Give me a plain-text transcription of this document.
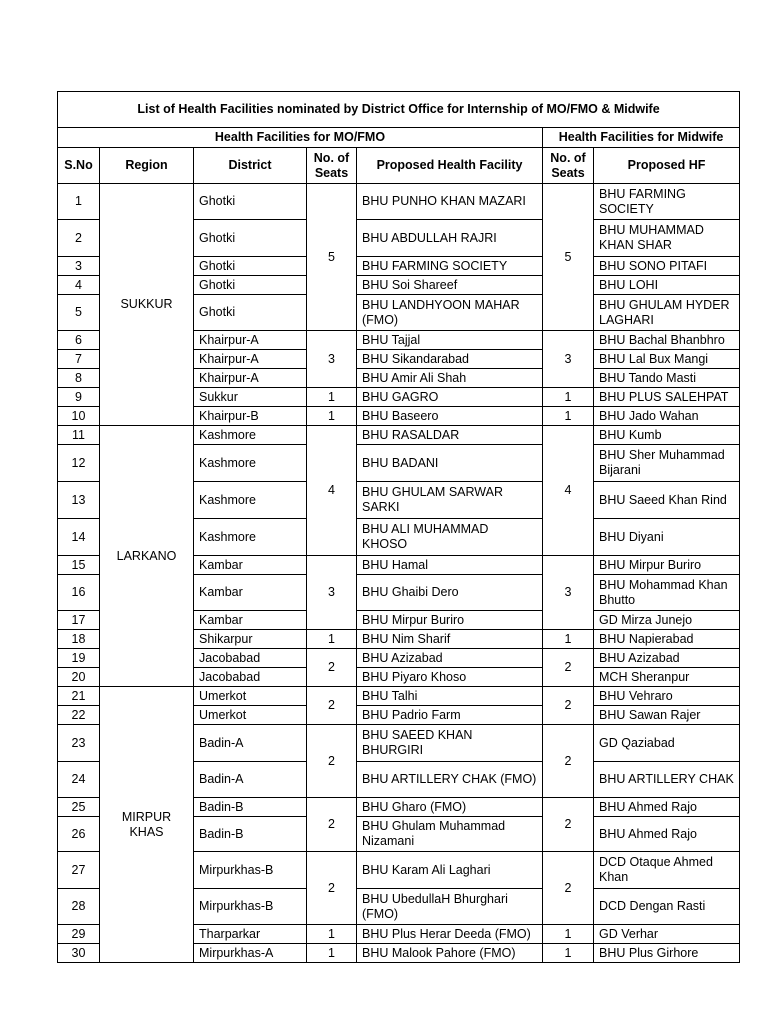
List of Health Facilities nominated by District Office for Internship of MO/FMO & Midwife						
Health Facilities for MO/FMO					Health Facilities for Midwife	
S.No	Region	District	No. of Seats	Proposed Health Facility	No. of Seats	Proposed HF
1	SUKKUR	Ghotki	5	BHU PUNHO KHAN MAZARI	5	BHU FARMING SOCIETY
2		Ghotki		BHU ABDULLAH RAJRI		BHU MUHAMMAD KHAN SHAR
3		Ghotki		BHU FARMING SOCIETY		BHU SONO PITAFI
4		Ghotki		BHU Soi Shareef		BHU LOHI
5		Ghotki		BHU LANDHYOON MAHAR (FMO)		BHU GHULAM HYDER LAGHARI
6		Khairpur-A	3	BHU Tajjal	3	BHU Bachal Bhanbhro
7		Khairpur-A		BHU Sikandarabad		BHU Lal Bux Mangi
8		Khairpur-A		BHU Amir Ali Shah		BHU Tando Masti
9		Sukkur	1	BHU GAGRO	1	BHU PLUS SALEHPAT
10		Khairpur-B	1	BHU Baseero	1	BHU Jado Wahan
11	LARKANO	Kashmore	4	BHU RASALDAR	4	BHU Kumb
12		Kashmore		BHU BADANI		BHU Sher Muhammad Bijarani
13		Kashmore		BHU GHULAM SARWAR SARKI		BHU Saeed Khan Rind
14		Kashmore		BHU ALI MUHAMMAD KHOSO		BHU Diyani
15		Kambar	3	BHU Hamal	3	BHU Mirpur Buriro
16		Kambar		BHU Ghaibi Dero		BHU Mohammad Khan Bhutto
17		Kambar		BHU Mirpur Buriro		GD Mirza Junejo
18		Shikarpur	1	BHU Nim Sharif	1	BHU Napierabad
19		Jacobabad	2	BHU Azizabad	2	BHU Azizabad
20		Jacobabad		BHU Piyaro Khoso		MCH Sheranpur
21	MIRPUR KHAS	Umerkot	2	BHU Talhi	2	BHU Vehraro
22		Umerkot		BHU Padrio Farm		BHU Sawan Rajer
23		Badin-A	2	BHU SAEED KHAN BHURGIRI	2	GD Qaziabad
24		Badin-A		BHU ARTILLERY CHAK (FMO)		BHU ARTILLERY CHAK
25		Badin-B	2	BHU Gharo (FMO)	2	BHU Ahmed Rajo
26		Badin-B		BHU Ghulam Muhammad Nizamani		BHU Ahmed Rajo
27		Mirpurkhas-B	2	BHU Karam Ali Laghari	2	DCD Otaque Ahmed Khan
28		Mirpurkhas-B		BHU UbedullaH Bhurghari (FMO)		DCD Dengan Rasti
29		Tharparkar	1	BHU Plus Herar Deeda (FMO)	1	GD Verhar
30		Mirpurkhas-A	1	BHU Malook Pahore (FMO)	1	BHU Plus Girhore
